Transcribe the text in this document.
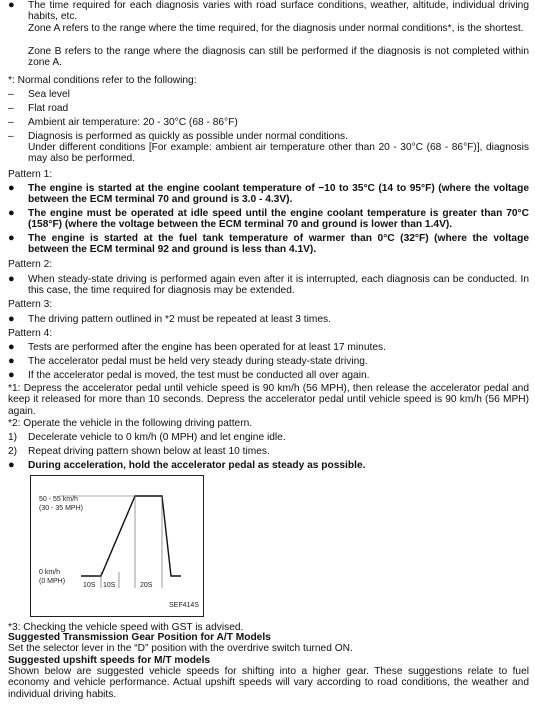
●	The time required for each diagnosis varies with road surface conditions, weather, altitude, individual driving habits, etc.
Zone A refers to the range where the time required, for the diagnosis under normal conditions*, is the shortest.
Zone B refers to the range where the diagnosis can still be performed if the diagnosis is not completed within zone A.
*: Normal conditions refer to the following:
–	Sea level
–	Flat road
–	Ambient air temperature: 20 - 30°C (68 - 86°F)
–	Diagnosis is performed as quickly as possible under normal conditions.
Under different conditions [For example: ambient air temperature other than 20 - 30°C (68 - 86°F)], diagnosis may also be performed.
Pattern 1:
●	The engine is started at the engine coolant temperature of −10 to 35°C (14 to 95°F) (where the voltage between the ECM terminal 70 and ground is 3.0 - 4.3V).
●	The engine must be operated at idle speed until the engine coolant temperature is greater than 70°C (158°F) (where the voltage between the ECM terminal 70 and ground is lower than 1.4V).
●	The engine is started at the fuel tank temperature of warmer than 0°C (32°F) (where the voltage between the ECM terminal 92 and ground is less than 4.1V).
Pattern 2:
●	When steady-state driving is performed again even after it is interrupted, each diagnosis can be conducted. In this case, the time required for diagnosis may be extended.
Pattern 3:
●	The driving pattern outlined in *2 must be repeated at least 3 times.
Pattern 4:
●	Tests are performed after the engine has been operated for at least 17 minutes.
●	The accelerator pedal must be held very steady during steady-state driving.
●	If the accelerator pedal is moved, the test must be conducted all over again.
*1: Depress the accelerator pedal until vehicle speed is 90 km/h (56 MPH), then release the accelerator pedal and keep it released for more than 10 seconds. Depress the accelerator pedal until vehicle speed is 90 km/h (56 MPH) again.
*2: Operate the vehicle in the following driving pattern.
1) Decelerate vehicle to 0 km/h (0 MPH) and let engine idle.
2) Repeat driving pattern shown below at least 10 times.
●	During acceleration, hold the accelerator pedal as steady as possible.
50 - 55 km/h
(30 - 35 MPH)
0 km/h
(0 MPH)
10S 10S	20S
SEF414S
*3: Checking the vehicle speed with GST is advised.
Suggested Transmission Gear Position for A/T Models
Set the selector lever in the “D” position with the overdrive switch turned ON.
Suggested upshift speeds for M/T models
Shown below are suggested vehicle speeds for shifting into a higher gear. These suggestions relate to fuel economy and vehicle performance. Actual upshift speeds will vary according to road conditions, the weather and individual driving habits.
